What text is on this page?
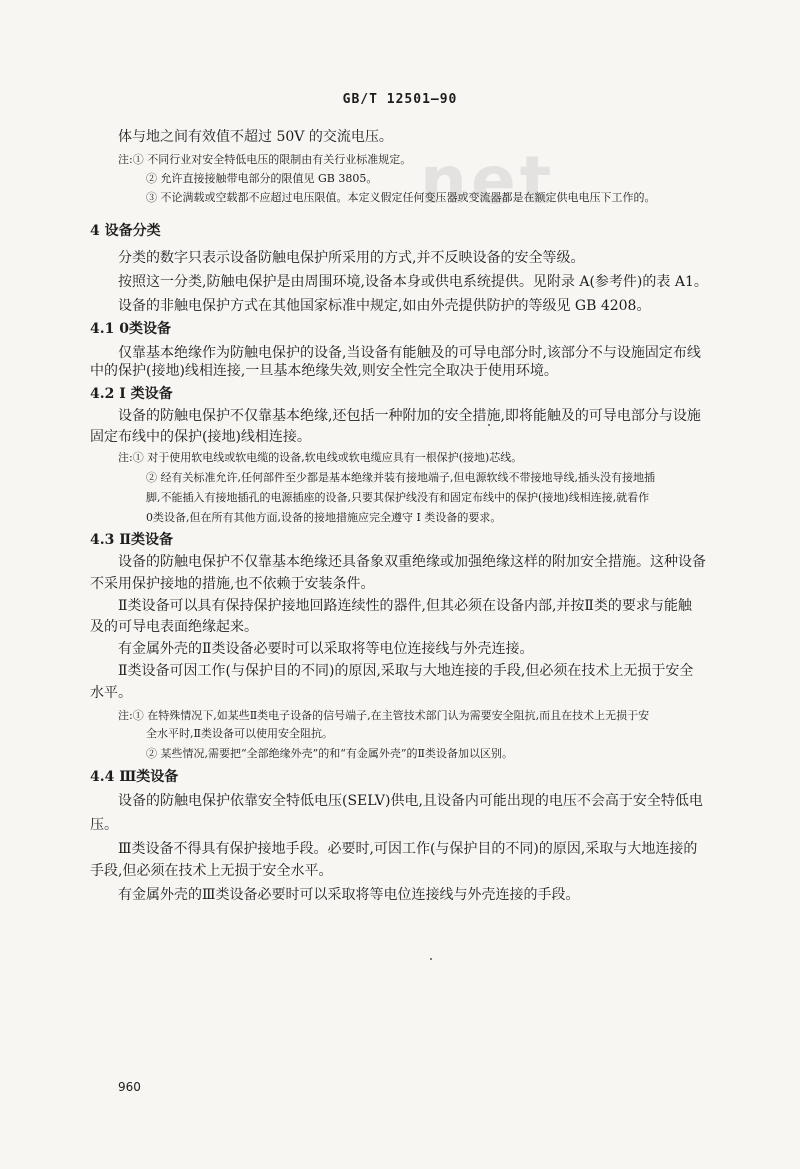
net
GB/T 12501—90
体与地之间有效值不超过 50V 的交流电压。
注:① 不同行业对安全特低电压的限制由有关行业标准规定。
② 允许直接接触带电部分的限值见 GB 3805。
③ 不论满载或空载都不应超过电压限值。本定义假定任何变压器或变流器都是在额定供电电压下工作的。
4 设备分类
分类的数字只表示设备防触电保护所采用的方式,并不反映设备的安全等级。
按照这一分类,防触电保护是由周围环境,设备本身或供电系统提供。见附录 A(参考件)的表 A1。
设备的非触电保护方式在其他国家标准中规定,如由外壳提供防护的等级见 GB 4208。
4.1 0类设备
仅靠基本绝缘作为防触电保护的设备,当设备有能触及的可导电部分时,该部分不与设施固定布线
中的保护(接地)线相连接,一旦基本绝缘失效,则安全性完全取决于使用环境。
4.2 I 类设备
设备的防触电保护不仅靠基本绝缘,还包括一种附加的安全措施,即将能触及的可导电部分与设施
固定布线中的保护(接地)线相连接。
注:① 对于使用软电线或软电缆的设备,软电线或软电缆应具有一根保护(接地)芯线。
② 经有关标准允许,任何部件至少都是基本绝缘并装有接地端子,但电源软线不带接地导线,插头没有接地插
脚,不能插入有接地插孔的电源插座的设备,只要其保护线没有和固定布线中的保护(接地)线相连接,就看作
0类设备,但在所有其他方面,设备的接地措施应完全遵守 I 类设备的要求。
4.3 Ⅱ类设备
设备的防触电保护不仅靠基本绝缘还具备象双重绝缘或加强绝缘这样的附加安全措施。这种设备
不采用保护接地的措施,也不依赖于安装条件。
Ⅱ类设备可以具有保持保护接地回路连续性的器件,但其必须在设备内部,并按Ⅱ类的要求与能触
及的可导电表面绝缘起来。
有金属外壳的Ⅱ类设备必要时可以采取将等电位连接线与外壳连接。
Ⅱ类设备可因工作(与保护目的不同)的原因,采取与大地连接的手段,但必须在技术上无损于安全
水平。
注:① 在特殊情况下,如某些Ⅱ类电子设备的信号端子,在主管技术部门认为需要安全阻抗,而且在技术上无损于安
全水平时,Ⅱ类设备可以使用安全阻抗。
② 某些情况,需要把“全部绝缘外壳”的和“有金属外壳”的Ⅱ类设备加以区别。
4.4 Ⅲ类设备
设备的防触电保护依靠安全特低电压(SELV)供电,且设备内可能出现的电压不会高于安全特低电
压。
Ⅲ类设备不得具有保护接地手段。必要时,可因工作(与保护目的不同)的原因,采取与大地连接的
手段,但必须在技术上无损于安全水平。
有金属外壳的Ⅲ类设备必要时可以采取将等电位连接线与外壳连接的手段。
960
